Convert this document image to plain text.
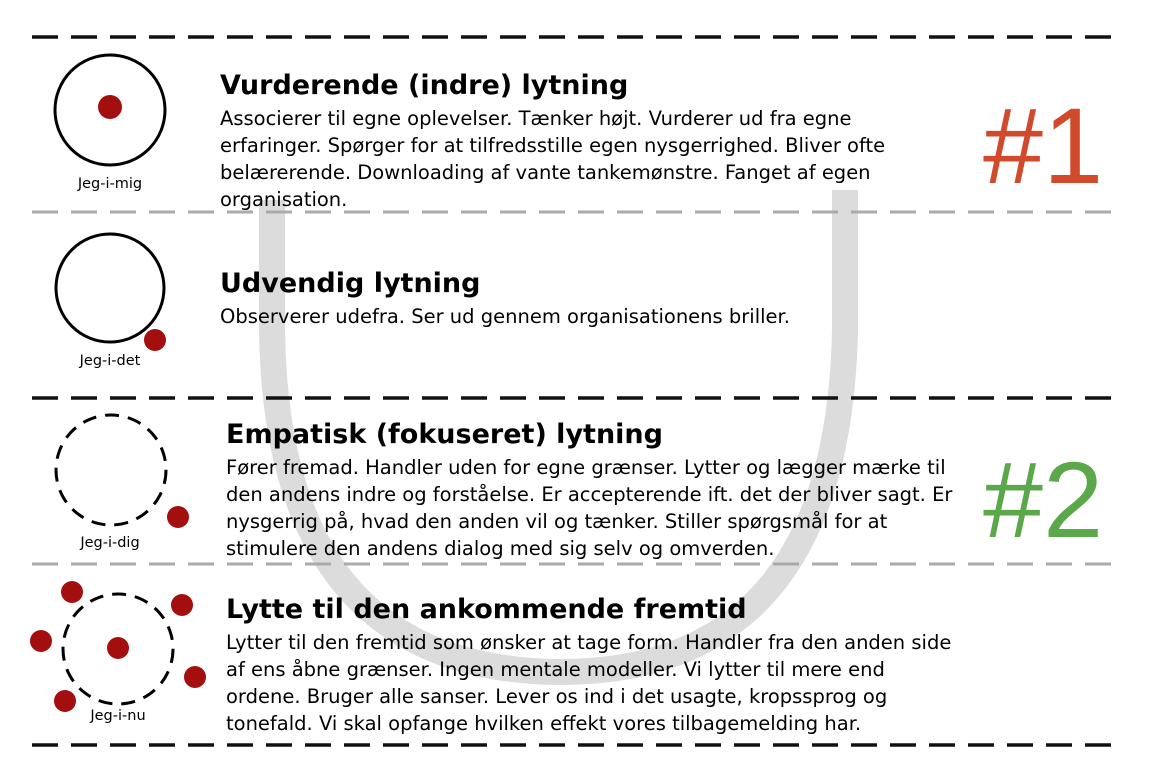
#1
#2
Jeg-i-mig
Vurderende (indre) lytning

Associerer til egne oplevelser. Tænker højt. Vurderer ud fra egne

erfaringer. Spørger for at tilfredsstille egen nysgerrighed. Bliver ofte

belærerende. Downloading af vante tankemønstre. Fanget af egen

organisation.

Jeg-i-det
Udvendig lytning

Observerer udefra. Ser ud gennem organisationens briller.

Jeg-i-dig
Empatisk (fokuseret) lytning

Fører fremad. Handler uden for egne grænser. Lytter og lægger mærke til

den andens indre og forståelse. Er accepterende ift. det der bliver sagt. Er

nysgerrig på, hvad den anden vil og tænker. Stiller spørgsmål for at

stimulere den andens dialog med sig selv og omverden.

Jeg-i-nu
Lytte til den ankommende fremtid

Lytter til den fremtid som ønsker at tage form. Handler fra den anden side

af ens åbne grænser. Ingen mentale modeller. Vi lytter til mere end

ordene. Bruger alle sanser. Lever os ind i det usagte, kropssprog og

tonefald. Vi skal opfange hvilken effekt vores tilbagemelding har.
